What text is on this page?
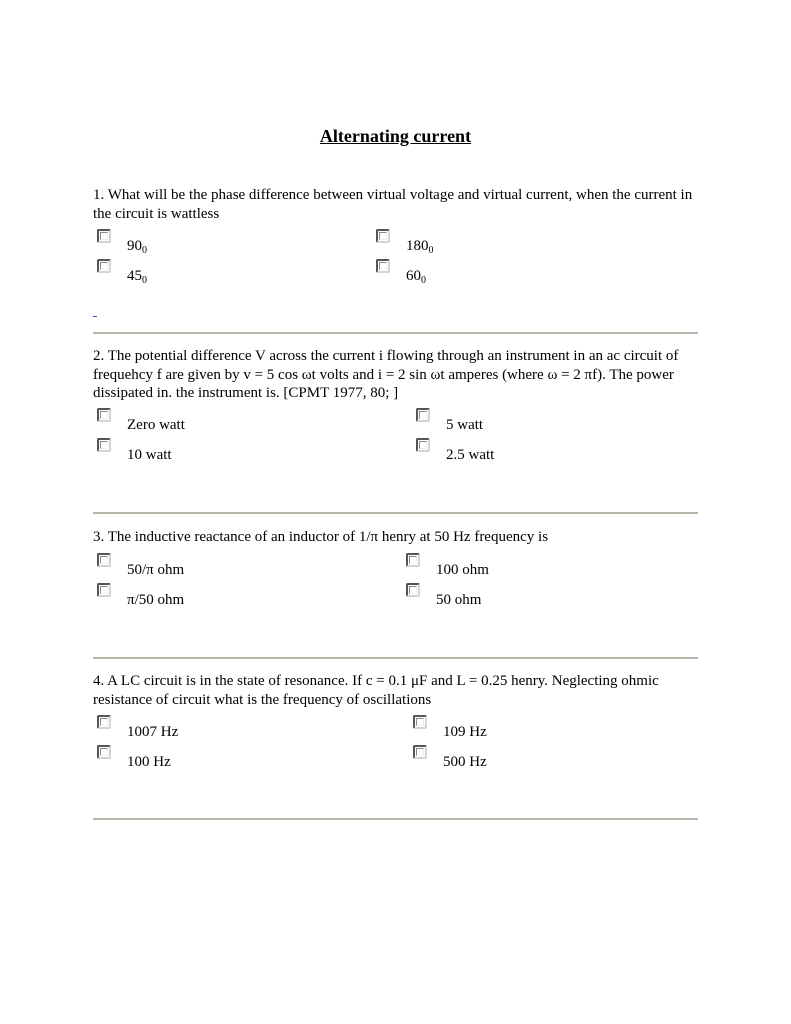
Alternating current

1. What will be the phase difference between virtual voltage and virtual current, when the current in the circuit is wattless

$90_0$	$180_0$
$45_0$	$60_0$

2. The potential difference V across the current i flowing through an instrument in an ac circuit of frequehcy f are given by v = 5 cos ωt volts and i = 2 sin ωt amperes (where ω = 2 πf). The power dissipated in. the instrument is. [CPMT 1977, 80; ]

Zero watt	5 watt
10 watt	2.5 watt

3. The inductive reactance of an inductor of 1/π henry at 50 Hz frequency is

50/π ohm	100 ohm
π/50 ohm	50 ohm

4. A LC circuit is in the state of resonance. If c = 0.1 μF and L = 0.25 henry. Neglecting ohmic resistance of circuit what is the frequency of oscillations

1007 Hz	109 Hz
100 Hz	500 Hz
